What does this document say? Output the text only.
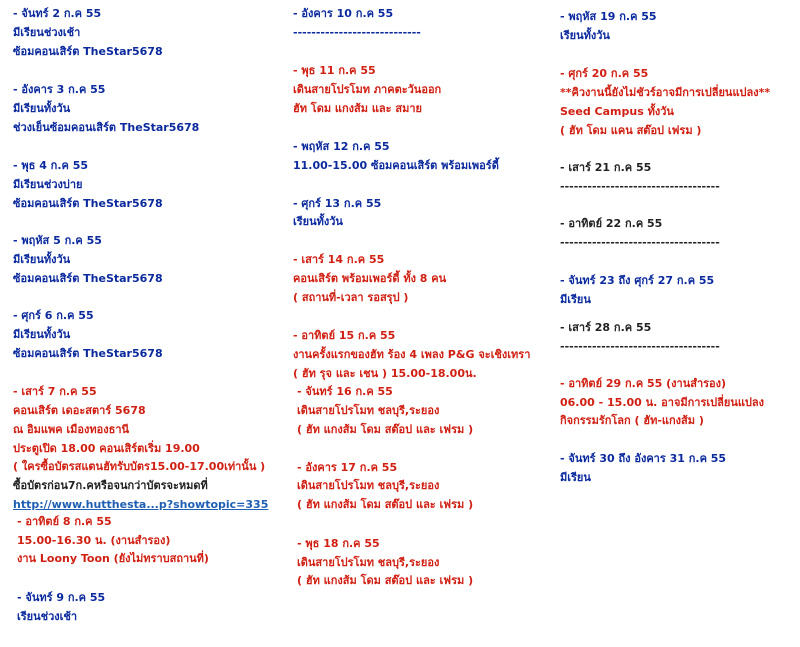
- จันทร์ 2 ก.ค 55
มีเรียนช่วงเช้า
ซ้อมคอนเสิร์ต TheStar5678
- อังคาร 3 ก.ค 55
มีเรียนทั้งวัน
ช่วงเย็นซ้อมคอนเสิร์ต TheStar5678
- พุธ 4 ก.ค 55
มีเรียนช่วงบ่าย
ซ้อมคอนเสิร์ต TheStar5678
- พฤหัส 5 ก.ค 55
มีเรียนทั้งวัน
ซ้อมคอนเสิร์ต TheStar5678
- ศุกร์ 6 ก.ค 55
มีเรียนทั้งวัน
ซ้อมคอนเสิร์ต TheStar5678
- เสาร์ 7 ก.ค 55
คอนเสิร์ต เดอะสตาร์ 5678
ณ อิมแพค เมืองทองธานี
ประตูเปิด 18.00 คอนเสิร์ตเริ่ม 19.00
( ใครซื้อบัตรสแตนฮัทรับบัตร15.00-17.00เท่านั้น )
ซื้อบัตรก่อน7ก.คหรือจนกว่าบัตรจะหมดที่
http://www.hutthesta...p?showtopic=335
- อาทิตย์ 8 ก.ค 55
15.00-16.30 น. (งานสำรอง)
งาน Loony Toon (ยังไม่ทราบสถานที่)
- จันทร์ 9 ก.ค 55
เรียนช่วงเช้า
- อังคาร 10 ก.ค 55
----------------------------
- พุธ 11 ก.ค 55
เดินสายโปรโมท ภาคตะวันออก
ฮัท โดม แกงส้ม และ สมาย
- พฤหัส 12 ก.ค 55
11.00-15.00 ซ้อมคอนเสิร์ต พร้อมเพอร์ดี้
- ศุกร์ 13 ก.ค 55
เรียนทั้งวัน
- เสาร์ 14 ก.ค 55
คอนเสิร์ต พร้อมเพอร์ดี้ ทั้ง 8 คน
( สถานที่-เวลา รอสรุป )
- อาทิตย์ 15 ก.ค 55
งานครั้งแรกของฮัท ร้อง 4 เพลง P&G จะเชิงเทรา
( ฮัท รุจ และ เชน ) 15.00-18.00น.
- จันทร์ 16 ก.ค 55
เดินสายโปรโมท ชลบุรี,ระยอง
( ฮัท แกงส้ม โดม สต๊อป และ เฟรม )
- อังคาร 17 ก.ค 55
เดินสายโปรโมท ชลบุรี,ระยอง
( ฮัท แกงส้ม โดม สต๊อป และ เฟรม )
- พุธ 18 ก.ค 55
เดินสายโปรโมท ชลบุรี,ระยอง
( ฮัท แกงส้ม โดม สต๊อป และ เฟรม )
- พฤหัส 19 ก.ค 55
เรียนทั้งวัน
- ศุกร์ 20 ก.ค 55
**คิวงานนี้ยังไม่ชัวร์อาจมีการเปลี่ยนแปลง**
Seed Campus ทั้งวัน
( ฮัท โดม แคน สต๊อป เฟรม )
- เสาร์ 21 ก.ค 55
-----------------------------------
- อาทิตย์ 22 ก.ค 55
-----------------------------------
- จันทร์ 23 ถึง ศุกร์ 27 ก.ค 55
มีเรียน
- เสาร์ 28 ก.ค 55
-----------------------------------
- อาทิตย์ 29 ก.ค 55 (งานสำรอง)
06.00 - 15.00 น. อาจมีการเปลี่ยนแปลง
กิจกรรมรักโลก ( ฮัท-แกงส้ม )
- จันทร์ 30 ถึง อังคาร 31 ก.ค 55
มีเรียน
